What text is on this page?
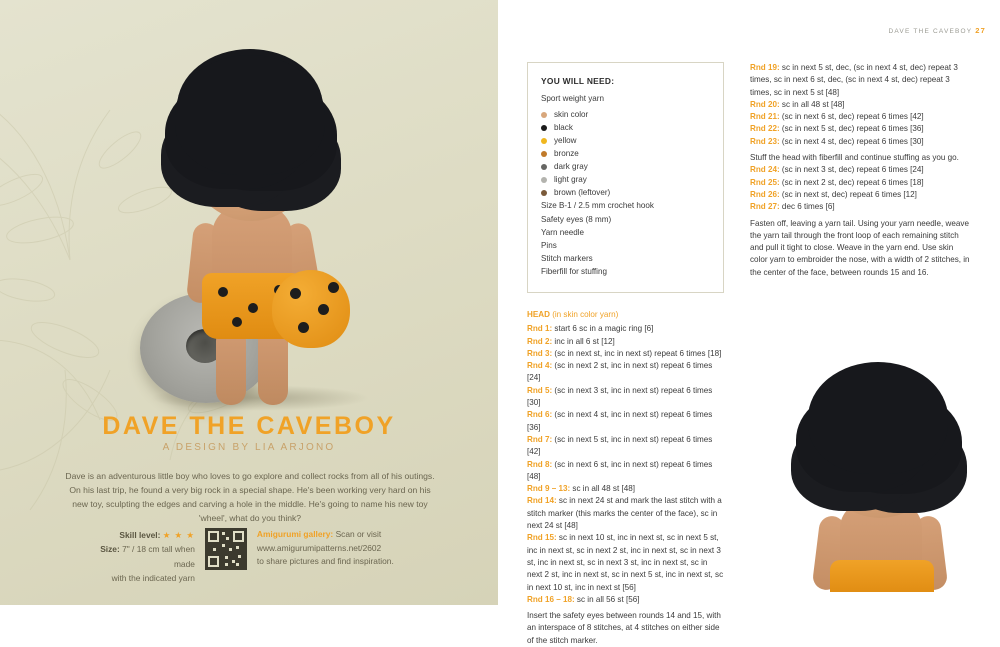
DAVE THE CAVEBOY
A DESIGN BY LIA ARJONO
Dave is an adventurous little boy who loves to go explore and collect rocks from all of his outings. On his last trip, he found a very big rock in a special shape. He's been working very hard on his new toy, sculpting the edges and carving a hole in the middle. He's going to name his new toy 'wheel', what do you think?
Skill level: ★ ★ ★
Size: 7" / 18 cm tall when made
with the indicated yarn
Amigurumi gallery: Scan or visit
www.amigurumipatterns.net/2602
to share pictures and find inspiration.
DAVE THE CAVEBOY 27
YOU WILL NEED:
Sport weight yarn
skin color
black
yellow
bronze
dark gray
light gray
brown (leftover)
Size B-1 / 2.5 mm crochet hook
Safety eyes (8 mm)
Yarn needle
Pins
Stitch markers
Fiberfill for stuffing
HEAD (in skin color yarn)

Rnd 1: start 6 sc in a magic ring [6]

Rnd 2: inc in all 6 st [12]

Rnd 3: (sc in next st, inc in next st) repeat 6 times [18]

Rnd 4: (sc in next 2 st, inc in next st) repeat 6 times [24]

Rnd 5: (sc in next 3 st, inc in next st) repeat 6 times [30]

Rnd 6: (sc in next 4 st, inc in next st) repeat 6 times [36]

Rnd 7: (sc in next 5 st, inc in next st) repeat 6 times [42]

Rnd 8: (sc in next 6 st, inc in next st) repeat 6 times [48]

Rnd 9 – 13: sc in all 48 st [48]

Rnd 14: sc in next 24 st and mark the last stitch with a stitch marker (this marks the center of the face), sc in next 24 st [48]

Rnd 15: sc in next 10 st, inc in next st, sc in next 5 st, inc in next st, sc in next 2 st, inc in next st, sc in next 3 st, inc in next st, sc in next 3 st, inc in next st, sc in next 2 st, inc in next st, sc in next 5 st, inc in next st, sc in next 10 st, inc in next st [56]

Rnd 16 – 18: sc in all 56 st [56]

Insert the safety eyes between rounds 14 and 15, with an interspace of 8 stitches, at 4 stitches on either side of the stitch marker.

Rnd 19: sc in next 5 st, dec, (sc in next 4 st, dec) repeat 3 times, sc in next 6 st, dec, (sc in next 4 st, dec) repeat 3 times, sc in next 5 st [48]

Rnd 20: sc in all 48 st [48]

Rnd 21: (sc in next 6 st, dec) repeat 6 times [42]

Rnd 22: (sc in next 5 st, dec) repeat 6 times [36]

Rnd 23: (sc in next 4 st, dec) repeat 6 times [30]

Stuff the head with fiberfill and continue stuffing as you go.

Rnd 24: (sc in next 3 st, dec) repeat 6 times [24]

Rnd 25: (sc in next 2 st, dec) repeat 6 times [18]

Rnd 26: (sc in next st, dec) repeat 6 times [12]

Rnd 27: dec 6 times [6]

Fasten off, leaving a yarn tail. Using your yarn needle, weave the yarn tail through the front loop of each remaining stitch and pull it tight to close. Weave in the yarn end. Use skin color yarn to embroider the nose, with a width of 2 stitches, in the center of the face, between rounds 15 and 16.
